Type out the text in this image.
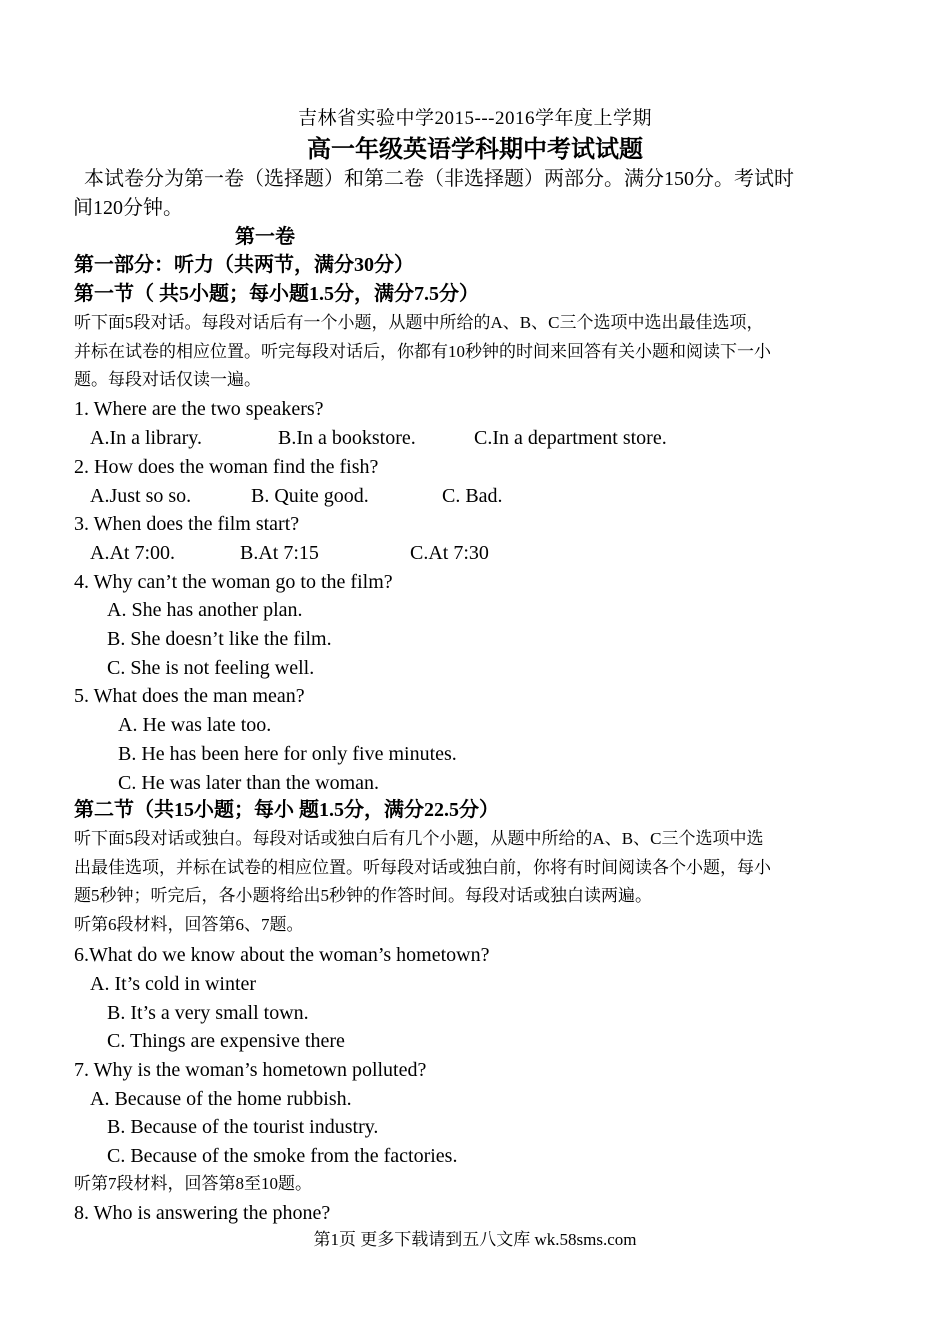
吉林省实验中学2015---2016学年度上学期
高一年级英语学科期中考试试题
本试卷分为第一卷（选择题）和第二卷（非选择题）两部分。满分150分。考试时
间120分钟。
第一卷
第一部分：听力（共两节，满分30分）
第一节（ 共5小题；每小题1.5分，满分7.5分）
听下面5段对话。每段对话后有一个小题，从题中所给的A、B、C三个选项中选出最佳选项，
并标在试卷的相应位置。听完每段对话后，你都有10秒钟的时间来回答有关小题和阅读下一小
题。每段对话仅读一遍。
1. Where are the two speakers?
A.In a library.	B.In a bookstore.	C.In a department store.
2. How does the woman find the fish?
A.Just so so.	B. Quite good.	C. Bad.
3. When does the film start?
A.At 7:00.	B.At 7:15	C.At 7:30
4. Why can’t the woman go to the film?
A. She has another plan.
B. She doesn’t like the film.
C. She is not feeling well.
5. What does the man mean?
A. He was late too.
B. He has been here for only five minutes.
C. He was later than the woman.
第二节（共15小题；每小 题1.5分，满分22.5分）
听下面5段对话或独白。每段对话或独白后有几个小题，从题中所给的A、B、C三个选项中选
出最佳选项，并标在试卷的相应位置。听每段对话或独白前，你将有时间阅读各个小题，每小
题5秒钟；听完后，各小题将给出5秒钟的作答时间。每段对话或独白读两遍。
听第6段材料，回答第6、7题。
6.What do we know about the woman’s hometown?
A. It’s cold in winter
B. It’s a very small town.
C. Things are expensive there
7. Why is the woman’s hometown polluted?
A. Because of the home rubbish.
B. Because of the tourist industry.
C. Because of the smoke from the factories.
听第7段材料，回答第8至10题。
8. Who is answering the phone?
第1页 更多下载请到五八文库 wk.58sms.com
